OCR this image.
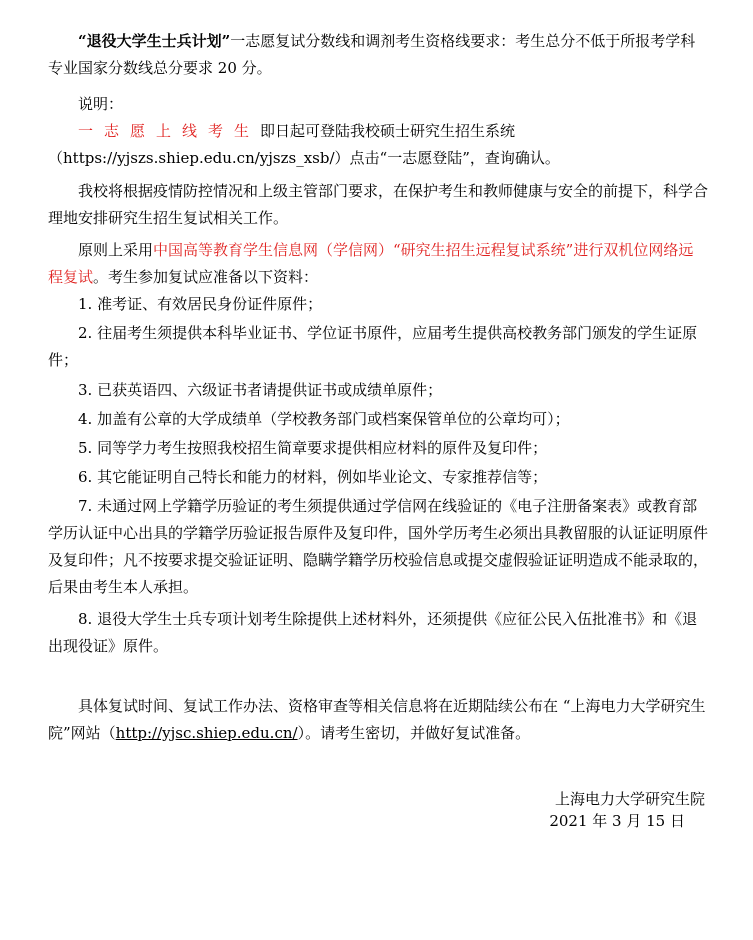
“退役大学生士兵计划”一志愿复试分数线和调剂考生资格线要求：考生总分不低于所报考学科专业国家分数线总分要求 20 分。

说明：

一志愿上线考生即日起可登陆我校硕士研究生招生系统（https://yjszs.shiep.edu.cn/yjszs_xsb/）点击“一志愿登陆”，查询确认。

我校将根据疫情防控情况和上级主管部门要求，在保护考生和教师健康与安全的前提下，科学合理地安排研究生招生复试相关工作。

原则上采用中国高等教育学生信息网（学信网）“研究生招生远程复试系统”进行双机位网络远程复试。考生参加复试应准备以下资料：

1. 准考证、有效居民身份证件原件；

2. 往届考生须提供本科毕业证书、学位证书原件，应届考生提供高校教务部门颁发的学生证原件；

3. 已获英语四、六级证书者请提供证书或成绩单原件；

4. 加盖有公章的大学成绩单（学校教务部门或档案保管单位的公章均可）；

5. 同等学力考生按照我校招生简章要求提供相应材料的原件及复印件；

6. 其它能证明自己特长和能力的材料，例如毕业论文、专家推荐信等；

7. 未通过网上学籍学历验证的考生须提供通过学信网在线验证的《电子注册备案表》或教育部学历认证中心出具的学籍学历验证报告原件及复印件，国外学历考生必须出具教留服的认证证明原件及复印件；凡不按要求提交验证证明、隐瞒学籍学历校验信息或提交虚假验证证明造成不能录取的，后果由考生本人承担。

8. 退役大学生士兵专项计划考生除提供上述材料外，还须提供《应征公民入伍批准书》和《退出现役证》原件。

具体复试时间、复试工作办法、资格审查等相关信息将在近期陆续公布在 “上海电力大学研究生院”网站（http://yjsc.shiep.edu.cn/）。请考生密切，并做好复试准备。

上海电力大学研究生院

2021 年 3 月 15 日
